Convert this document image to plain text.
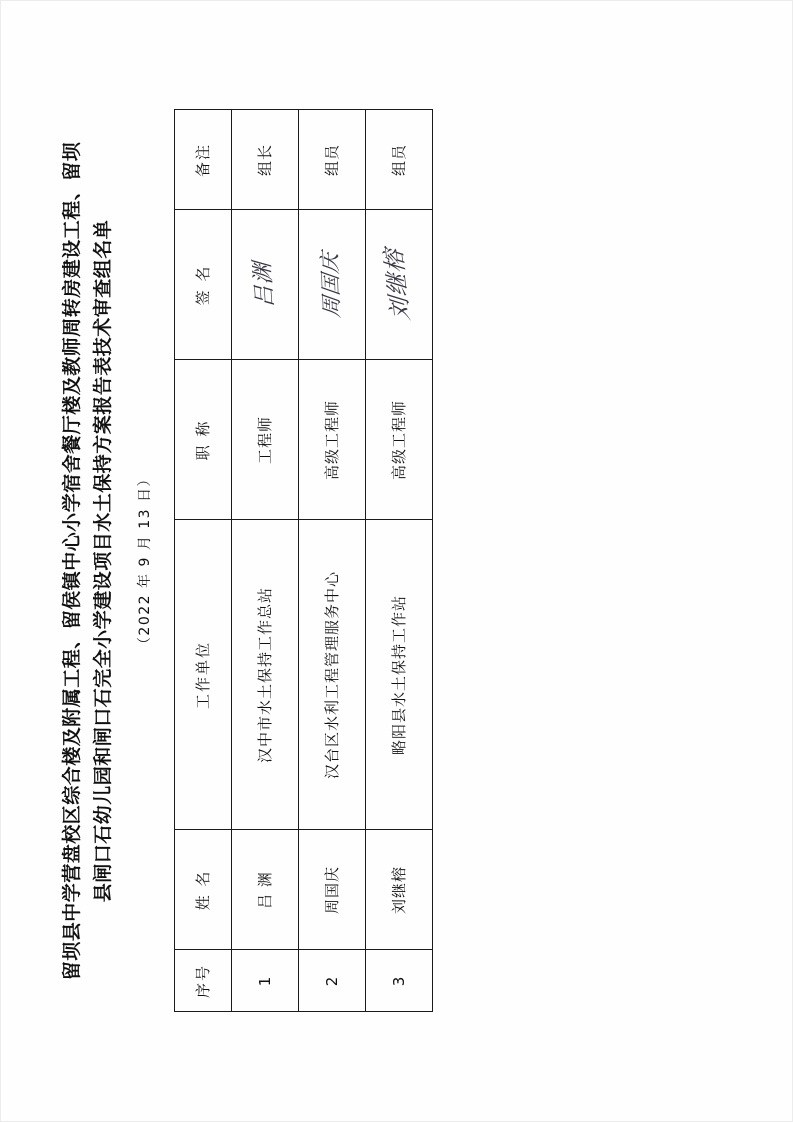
留坝县中学营盘校区综合楼及附属工程、留侯镇中心小学宿舍餐厅楼及教师周转房建设工程、留坝 县闸口石幼儿园和闸口石完全小学建设项目水土保持方案报告表技术审查组名单	（2022 年 9 月 13 日）
序号	姓 名	工作单位	职 称	签 名	备注
1	吕 渊	汉中市水土保持工作总站	工程师	吕渊	组长
2	周国庆	汉台区水利工程管理服务中心	高级工程师	周国庆	组员
3	刘继榕	略阳县水土保持工作站	高级工程师	刘继榕	组员
